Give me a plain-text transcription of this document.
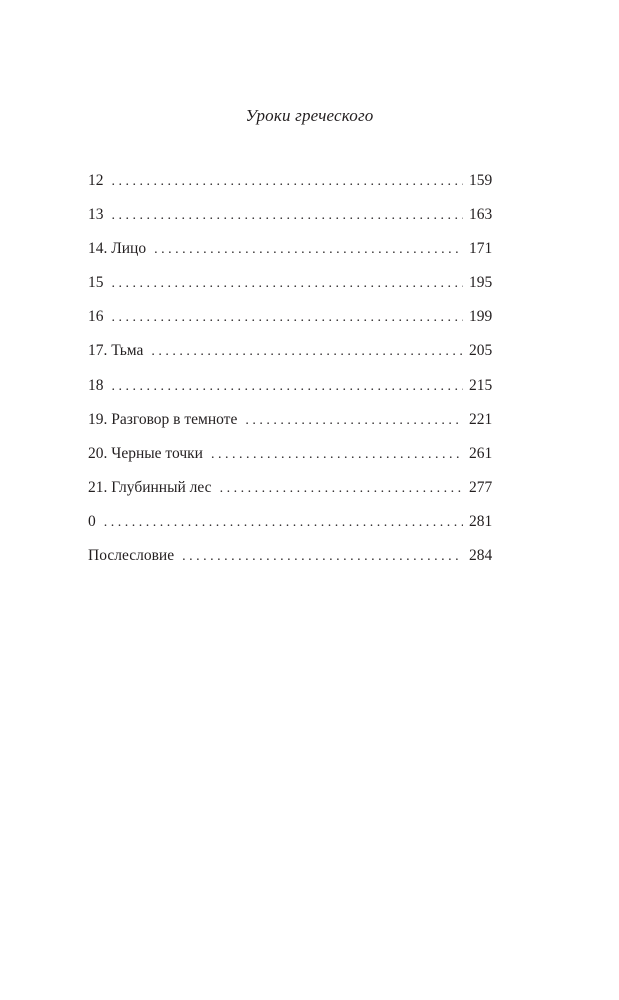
Уроки греческого
12 . . .	159
13 . . .	163
14. Лицо . . .	171
15 . . .	195
16 . . .	199
17. Тьма . . .	205
18 . . .	215
19. Разговор в темноте . . .	221
20. Черные точки . . .	261
21. Глубинный лес . . .	277
0 . . .	281
Послесловие . . .	284
